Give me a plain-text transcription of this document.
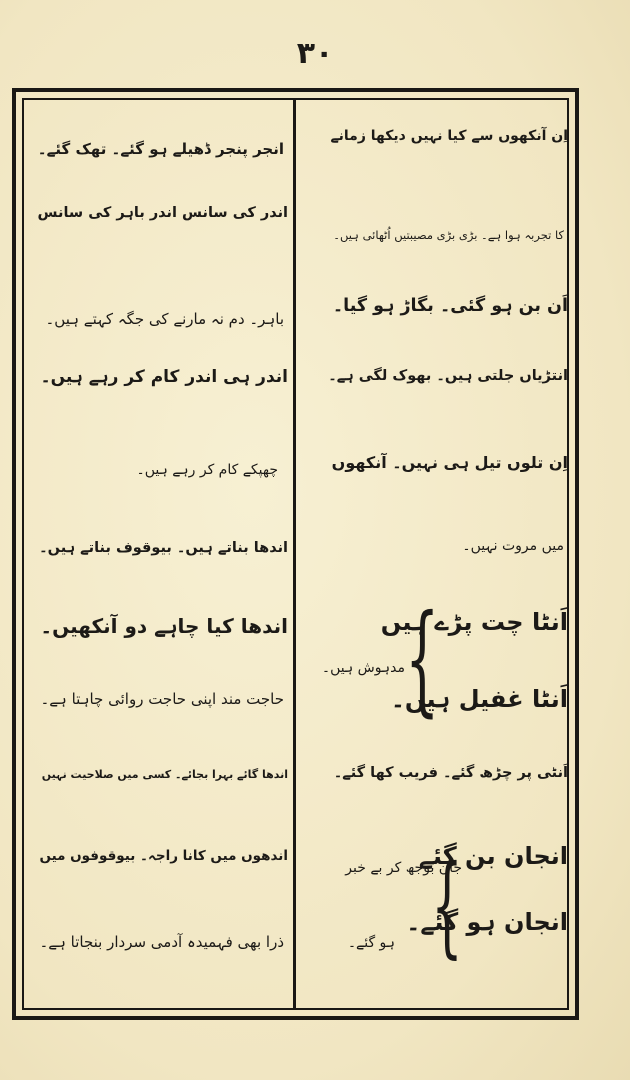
۳۰
اِن آنکھوں سے کیا نہیں دیکھا زمانے
کا تجربہ ہوا ہے۔ بڑی بڑی مصیبتیں اُٹھائی ہیں۔
اَن بن ہو گئی۔ بگاڑ ہو گیا۔
انتڑیاں جلتی ہیں۔ بھوک لگی ہے۔
اِن تلوں تیل ہی نہیں۔ آنکھوں
میں مروت نہیں۔
اَنٹا چت پڑے ہیں
مدہوش ہیں۔
اَنٹا غفیل ہیں۔
اَنٹی پر چڑھ گئے۔ فریب کھا گئے۔
انجان بن گئے
جان بوجھ کر بے خبر
انجان ہو گئے۔
ہو گئے۔
{
{
انجر پنجر ڈھیلے ہو گئے۔ تھک گئے۔
اندر کی سانس اندر باہر کی سانس
باہر۔ دم نہ مارنے کی جگہ کہتے ہیں۔
اندر ہی اندر کام کر رہے ہیں۔
چھپکے کام کر رہے ہیں۔
اندھا بناتے ہیں۔ بیوقوف بناتے ہیں۔
اندھا کیا چاہے دو آنکھیں۔
حاجت مند اپنی حاجت روائی چاہتا ہے۔
اندھا گائے بہرا بجائے۔ کسی میں صلاحیت نہیں
اندھوں میں کانا راجہ۔ بیوقوفوں میں
ذرا بھی فہمیدہ آدمی سردار بنجاتا ہے۔
